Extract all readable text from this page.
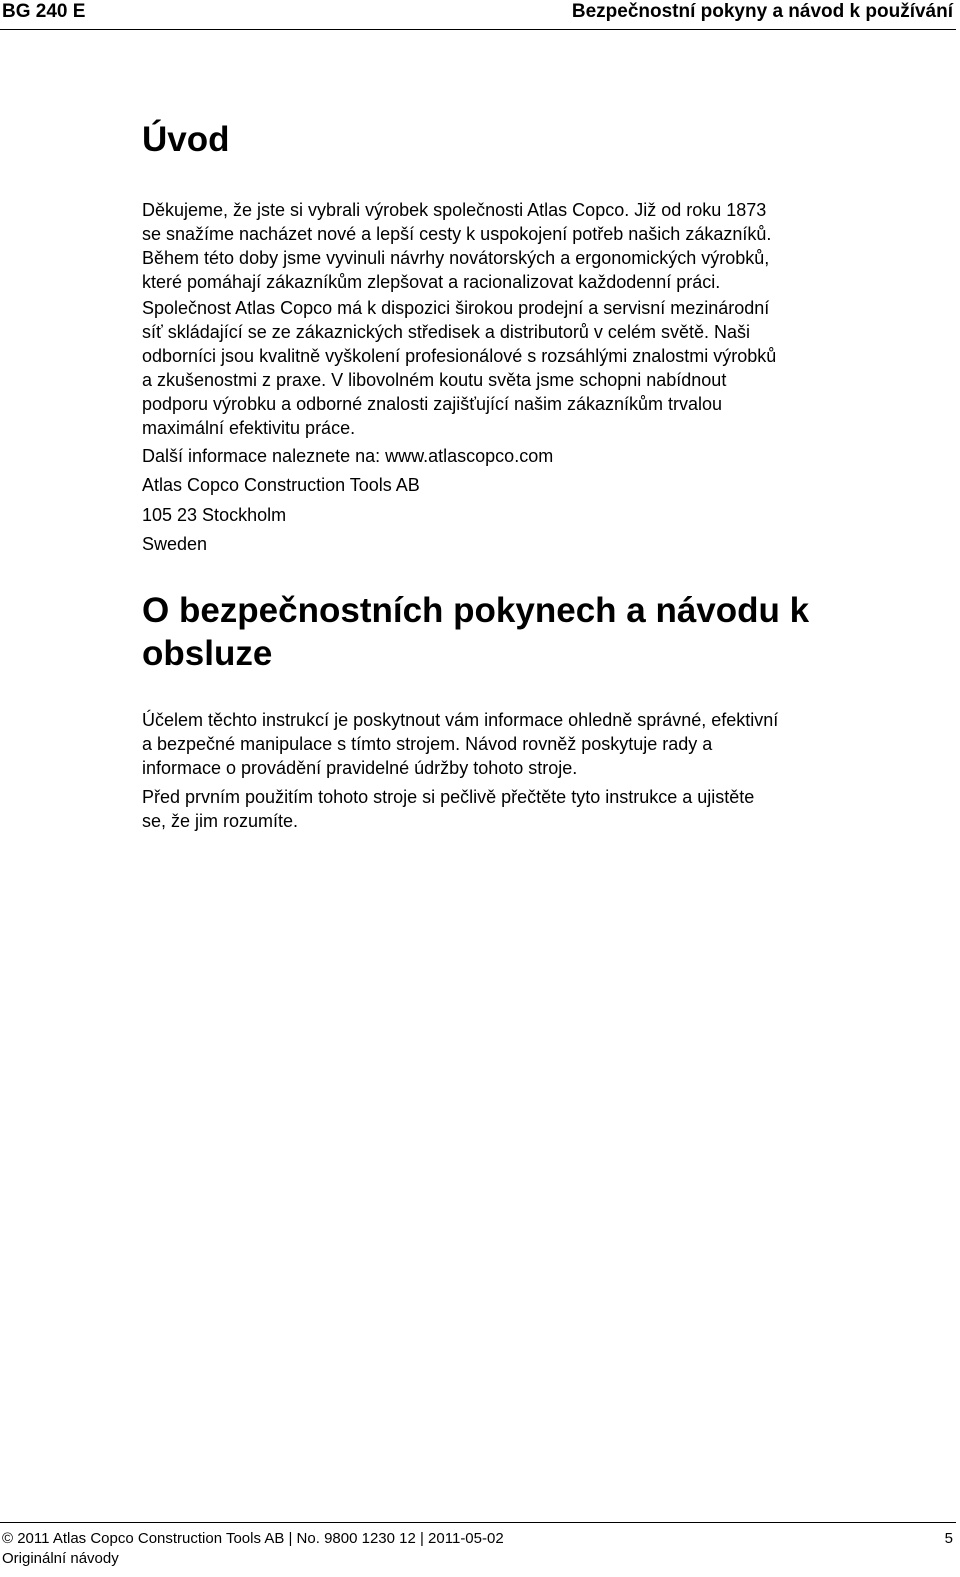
BG 240 E	Bezpečnostní pokyny a návod k používání
Úvod

Děkujeme, že jste si vybrali výrobek společnosti Atlas Copco. Již od roku 1873
se snažíme nacházet nové a lepší cesty k uspokojení potřeb našich zákazníků.
Během této doby jsme vyvinuli návrhy novátorských a ergonomických výrobků,
které pomáhají zákazníkům zlepšovat a racionalizovat každodenní práci.

Společnost Atlas Copco má k dispozici širokou prodejní a servisní mezinárodní
síť skládající se ze zákaznických středisek a distributorů v celém světě. Naši
odborníci jsou kvalitně vyškolení profesionálové s rozsáhlými znalostmi výrobků
a zkušenostmi z praxe. V libovolném koutu světa jsme schopni nabídnout
podporu výrobku a odborné znalosti zajišťující našim zákazníkům trvalou
maximální efektivitu práce.

Další informace naleznete na: www.atlascopco.com

Atlas Copco Construction Tools AB

105 23 Stockholm

Sweden

O bezpečnostních pokynech a návodu k
obsluze

Účelem těchto instrukcí je poskytnout vám informace ohledně správné, efektivní
a bezpečné manipulace s tímto strojem. Návod rovněž poskytuje rady a
informace o provádění pravidelné údržby tohoto stroje.

Před prvním použitím tohoto stroje si pečlivě přečtěte tyto instrukce a ujistěte
se, že jim rozumíte.

© 2011 Atlas Copco Construction Tools AB | No. 9800 1230 12 | 2011-05-02
Originální návody
5
